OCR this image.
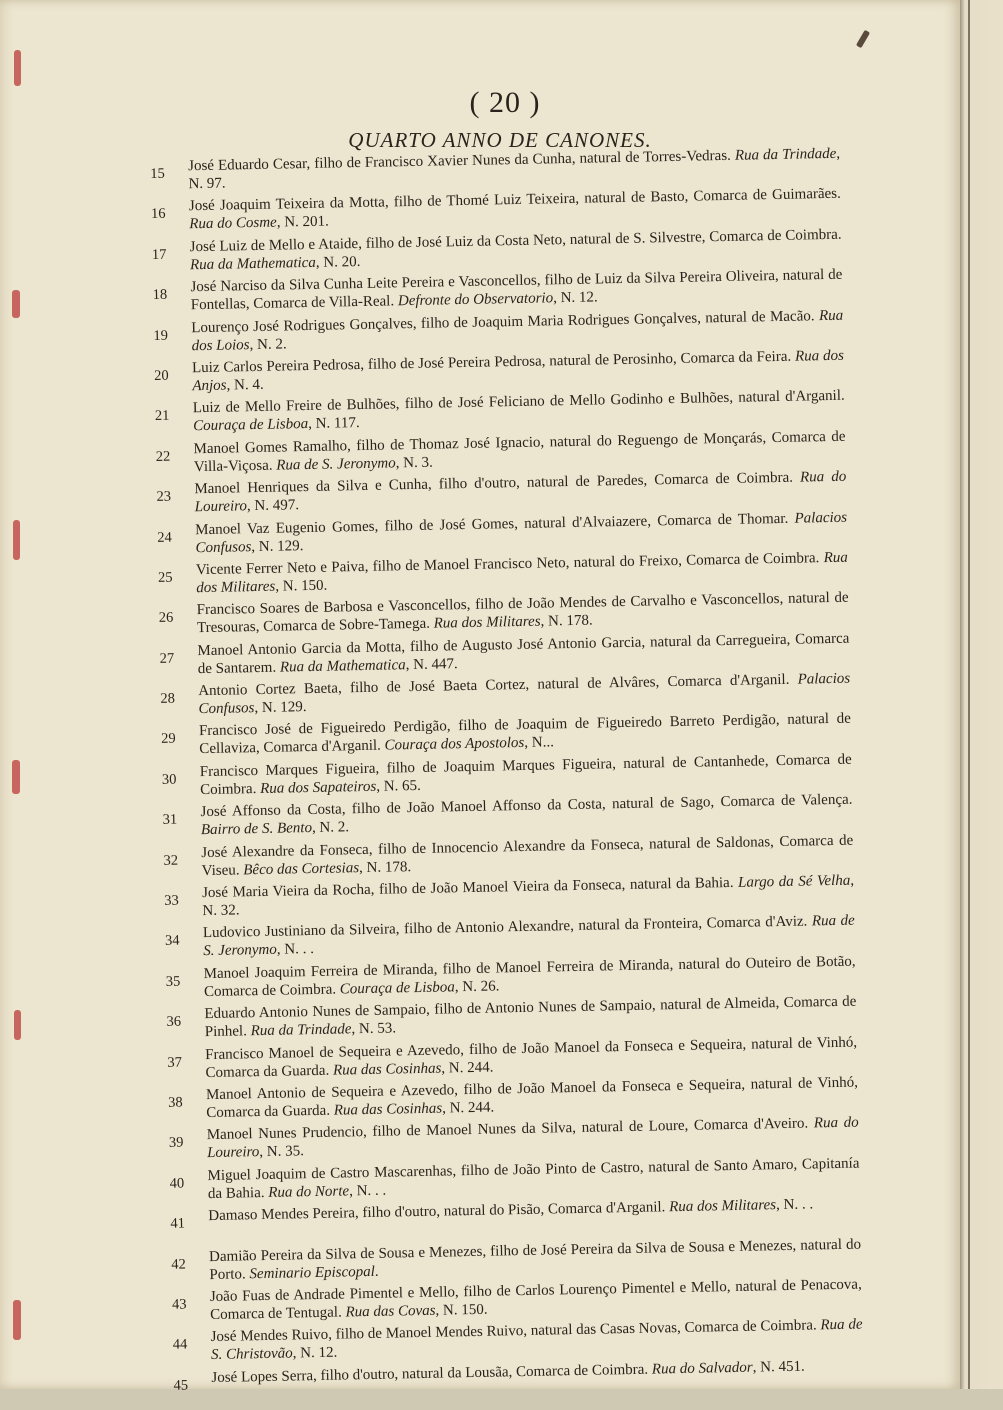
( 20 )
QUARTO ANNO DE CANONES.
15	José Eduardo Cesar, filho de Francisco Xavier Nunes da Cunha, natural de Torres-Vedras. Rua da Trindade, N. 97.
16	José Joaquim Teixeira da Motta, filho de Thomé Luiz Teixeira, natural de Basto, Comarca de Guimarães. Rua do Cosme, N. 201.
17	José Luiz de Mello e Ataide, filho de José Luiz da Costa Neto, natural de S. Silvestre, Comarca de Coimbra. Rua da Mathematica, N. 20.
18	José Narciso da Silva Cunha Leite Pereira e Vasconcellos, filho de Luiz da Silva Pereira Oliveira, natural de Fontellas, Comarca de Villa-Real. Defronte do Observatorio, N. 12.
19	Lourenço José Rodrigues Gonçalves, filho de Joaquim Maria Rodrigues Gonçalves, natural de Macão. Rua dos Loios, N. 2.
20	Luiz Carlos Pereira Pedrosa, filho de José Pereira Pedrosa, natural de Perosinho, Comarca da Feira. Rua dos Anjos, N. 4.
21	Luiz de Mello Freire de Bulhões, filho de José Feliciano de Mello Godinho e Bulhões, natural d'Arganil. Couraça de Lisboa, N. 117.
22	Manoel Gomes Ramalho, filho de Thomaz José Ignacio, natural do Reguengo de Monçarás, Comarca de Villa-Viçosa. Rua de S. Jeronymo, N. 3.
23	Manoel Henriques da Silva e Cunha, filho d'outro, natural de Paredes, Comarca de Coimbra. Rua do Loureiro, N. 497.
24	Manoel Vaz Eugenio Gomes, filho de José Gomes, natural d'Alvaiazere, Comarca de Thomar. Palacios Confusos, N. 129.
25	Vicente Ferrer Neto e Paiva, filho de Manoel Francisco Neto, natural do Freixo, Comarca de Coimbra. Rua dos Militares, N. 150.
26	Francisco Soares de Barbosa e Vasconcellos, filho de João Mendes de Carvalho e Vasconcellos, natural de Tresouras, Comarca de Sobre-Tamega. Rua dos Militares, N. 178.
27	Manoel Antonio Garcia da Motta, filho de Augusto José Antonio Garcia, natural da Carregueira, Comarca de Santarem. Rua da Mathematica, N. 447.
28	Antonio Cortez Baeta, filho de José Baeta Cortez, natural de Alvâres, Comarca d'Arganil. Palacios Confusos, N. 129.
29	Francisco José de Figueiredo Perdigão, filho de Joaquim de Figueiredo Barreto Perdigão, natural de Cellaviza, Comarca d'Arganil. Couraça dos Apostolos, N...
30	Francisco Marques Figueira, filho de Joaquim Marques Figueira, natural de Cantanhede, Comarca de Coimbra. Rua dos Sapateiros, N. 65.
31	José Affonso da Costa, filho de João Manoel Affonso da Costa, natural de Sago, Comarca de Valença. Bairro de S. Bento, N. 2.
32	José Alexandre da Fonseca, filho de Innocencio Alexandre da Fonseca, natural de Saldonas, Comarca de Viseu. Bêco das Cortesias, N. 178.
33	José Maria Vieira da Rocha, filho de João Manoel Vieira da Fonseca, natural da Bahia. Largo da Sé Velha, N. 32.
34	Ludovico Justiniano da Silveira, filho de Antonio Alexandre, natural da Fronteira, Comarca d'Aviz. Rua de S. Jeronymo, N. . .
35	Manoel Joaquim Ferreira de Miranda, filho de Manoel Ferreira de Miranda, natural do Outeiro de Botão, Comarca de Coimbra. Couraça de Lisboa, N. 26.
36	Eduardo Antonio Nunes de Sampaio, filho de Antonio Nunes de Sampaio, natural de Almeida, Comarca de Pinhel. Rua da Trindade, N. 53.
37	Francisco Manoel de Sequeira e Azevedo, filho de João Manoel da Fonseca e Sequeira, natural de Vinhó, Comarca da Guarda. Rua das Cosinhas, N. 244.
38	Manoel Antonio de Sequeira e Azevedo, filho de João Manoel da Fonseca e Sequeira, natural de Vinhó, Comarca da Guarda. Rua das Cosinhas, N. 244.
39	Manoel Nunes Prudencio, filho de Manoel Nunes da Silva, natural de Loure, Comarca d'Aveiro. Rua do Loureiro, N. 35.
40	Miguel Joaquim de Castro Mascarenhas, filho de João Pinto de Castro, natural de Santo Amaro, Capitanía da Bahia. Rua do Norte, N. . .
41	Damaso Mendes Pereira, filho d'outro, natural do Pisão, Comarca d'Arganil. Rua dos Militares, N. . .
42	Damião Pereira da Silva de Sousa e Menezes, filho de José Pereira da Silva de Sousa e Menezes, natural do Porto. Seminario Episcopal.
43	João Fuas de Andrade Pimentel e Mello, filho de Carlos Lourenço Pimentel e Mello, natural de Penacova, Comarca de Tentugal. Rua das Covas, N. 150.
44	José Mendes Ruivo, filho de Manoel Mendes Ruivo, natural das Casas Novas, Comarca de Coimbra. Rua de S. Christovão, N. 12.
45	José Lopes Serra, filho d'outro, natural da Lousãa, Comarca de Coimbra. Rua do Salvador, N. 451.
